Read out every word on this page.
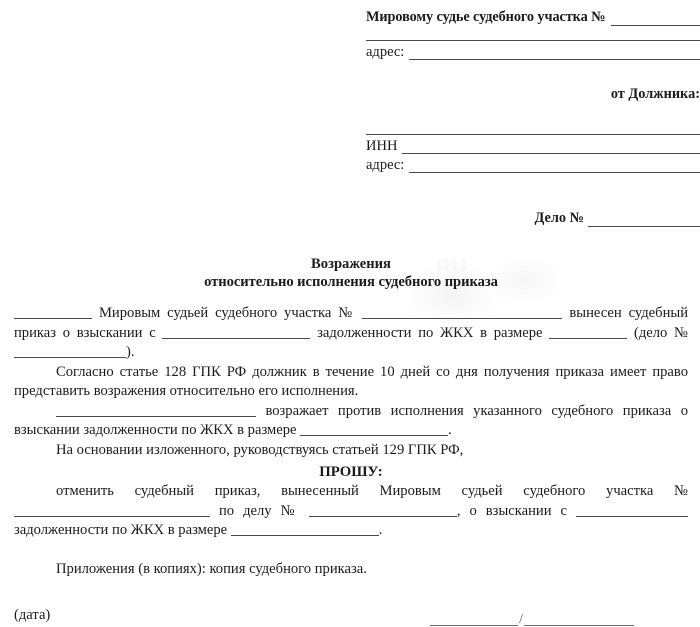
.RU
Мировому судье судебного участка №
адрес:
от Должника:
ИНН
адрес:
Дело №
Возражения
относительно исполнения судебного приказа

Мировым судьей судебного участка №	вынесен судебный приказ о взыскании с	задолженности по ЖКХ в размере	(дело № ).

Согласно статье 128 ГПК РФ должник в течение 10 дней со дня получения приказа имеет право представить возражения относительно его исполнения.

возражает против исполнения указанного судебного приказа о взыскании задолженности по ЖКХ в размере	.

На основании изложенного, руководствуясь статьей 129 ГПК РФ,

ПРОШУ:

отменить судебный приказ, вынесенный Мировым судьей судебного участка №  по делу №	, о взыскании с  задолженности по ЖКХ в размере	.

Приложения (в копиях): копия судебного приказа.
(дата)	/
